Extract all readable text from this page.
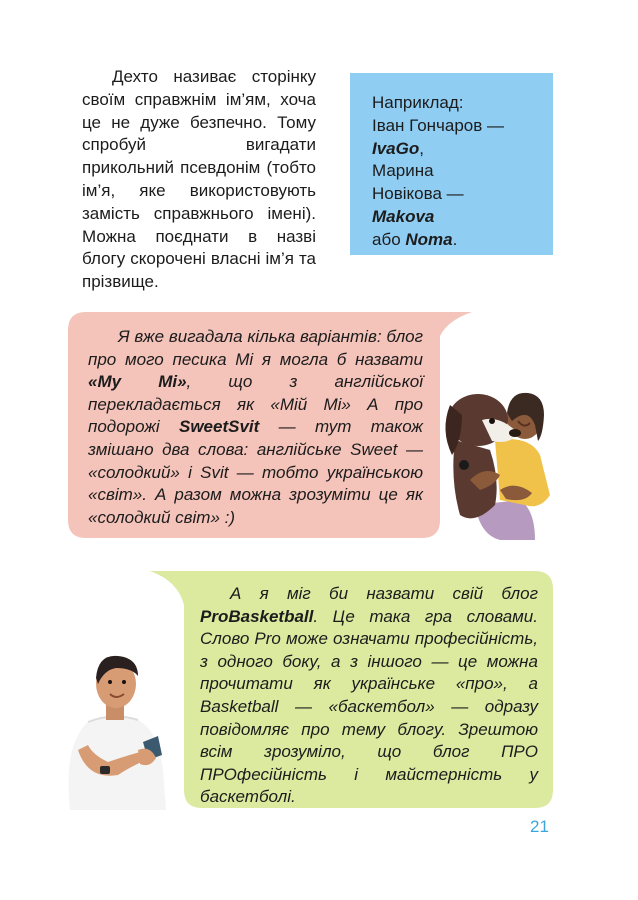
Дехто називає сторінку своїм справжнім ім’ям, хоча це не дуже безпечно. Тому спробуй вигадати прикольний псевдонім (тобто ім’я, яке використовують замість справжнього імені). Можна поєднати в назві блогу скорочені власні ім’я та прізвище.

Наприклад:
Іван Гончаров —
IvaGo,
Марина
Новікова —
Makova
або Noma.

Я вже вигадала кілька варіантів: блог про мого песика Мі я могла б назвати «My Mi», що з англійської перекладається як «Мій Мі» А про подорожі SweetSvit — тут також змішано два слова: англійське Sweet — «солодкий» і Svit — тобто українською «світ». А разом можна зрозуміти це як «солодкий світ» :)

А я міг би назвати свій блог ProBasketball. Це така гра словами. Слово Pro може означати професійність, з одного боку, а з іншого — це можна прочитати як українське «про», а Basketball — «баскетбол» — одразу повідомляє про тему блогу. Зрештою всім зрозуміло, що блог ПРО ПРОфесійність і майстерність у баскетболі.

21
